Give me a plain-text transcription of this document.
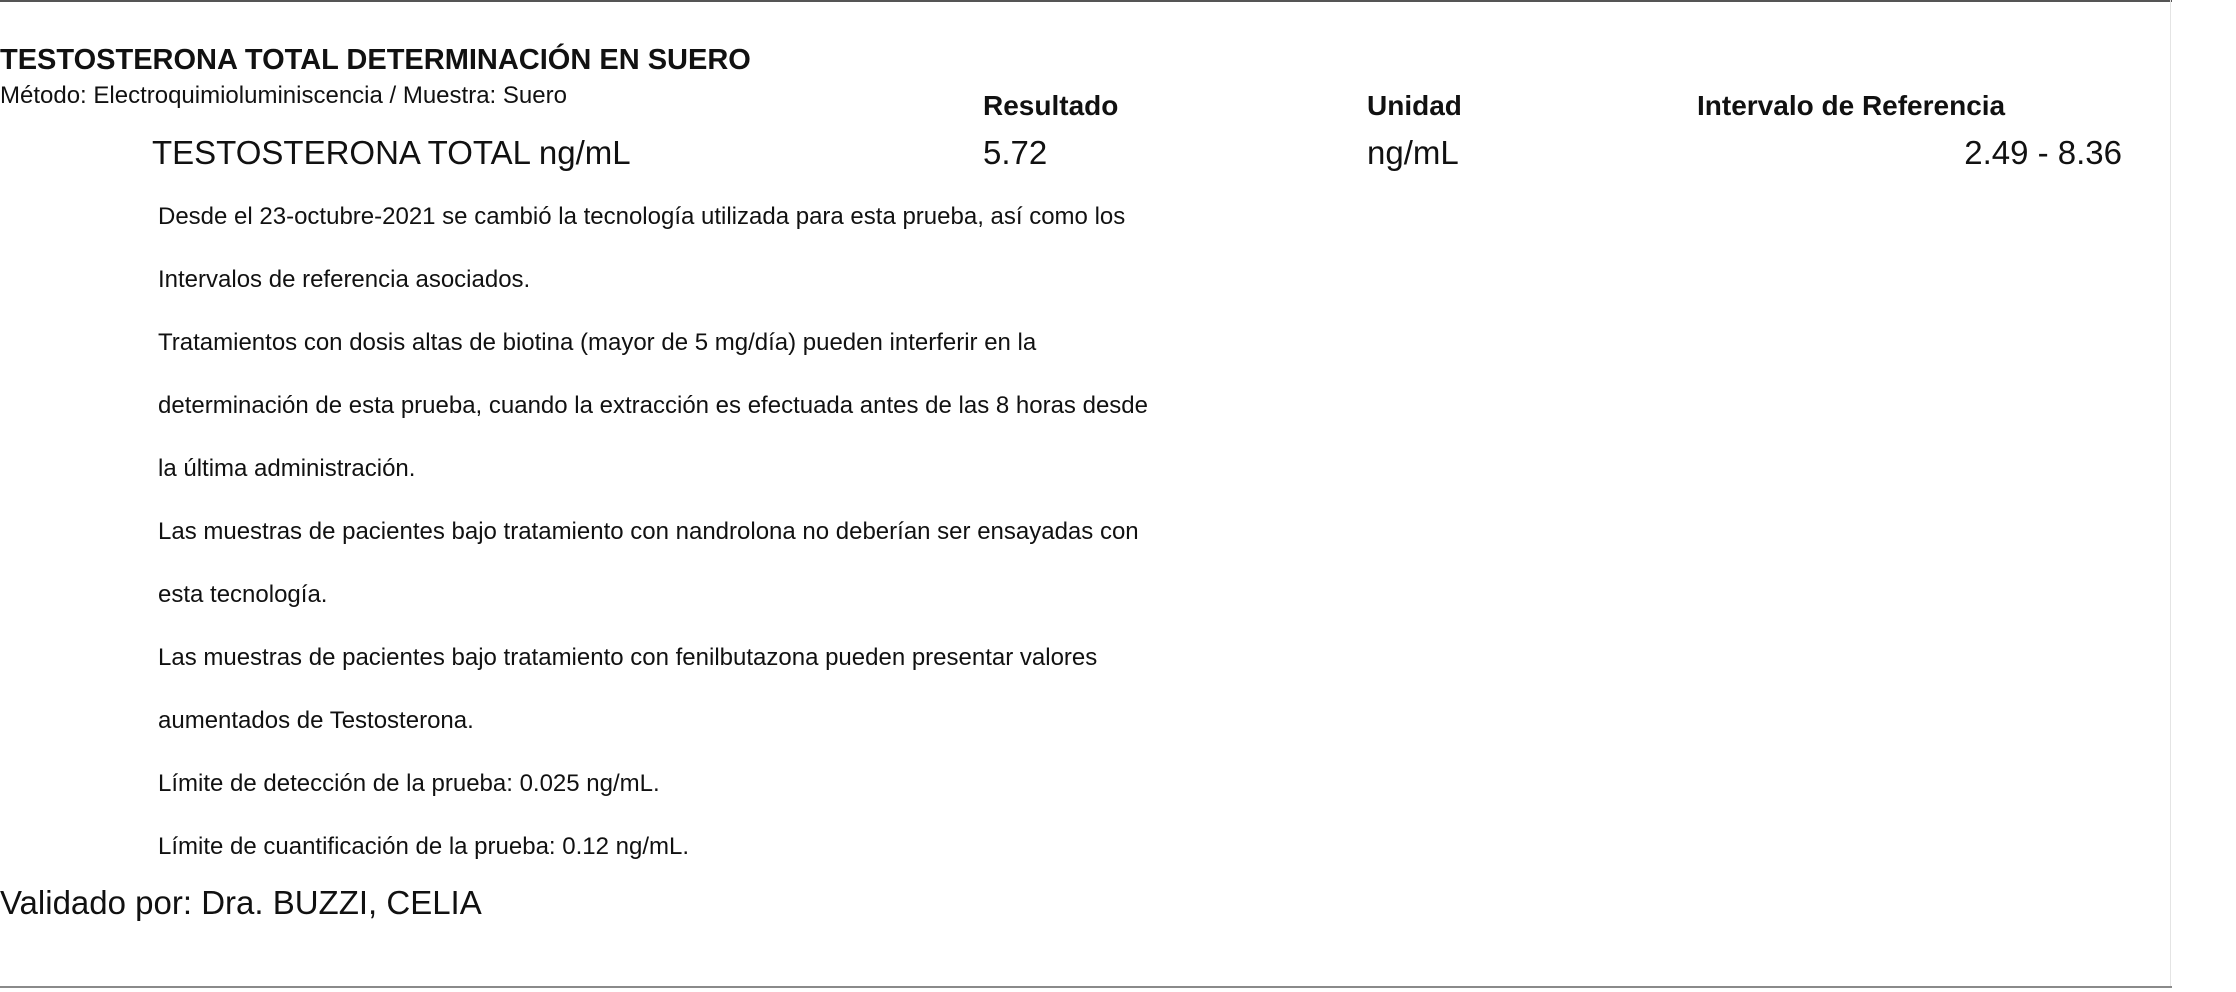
TESTOSTERONA TOTAL DETERMINACIÓN EN SUERO
Método: Electroquimioluminiscencia / Muestra: Suero	Resultado	Unidad	Intervalo de Referencia
TESTOSTERONA TOTAL ng/mL	5.72	ng/mL	2.49 - 8.36
Desde el 23-octubre-2021 se cambió la tecnología utilizada para esta prueba, así como los
Intervalos de referencia asociados.
Tratamientos con dosis altas de biotina (mayor de 5 mg/día) pueden interferir en la
determinación de esta prueba, cuando la extracción es efectuada antes de las 8 horas desde
la última administración.
Las muestras de pacientes bajo tratamiento con nandrolona no deberían ser ensayadas con
esta tecnología.
Las muestras de pacientes bajo tratamiento con fenilbutazona pueden presentar valores
aumentados de Testosterona.
Límite de detección de la prueba: 0.025 ng/mL.
Límite de cuantificación de la prueba: 0.12 ng/mL.
Validado por: Dra. BUZZI, CELIA
